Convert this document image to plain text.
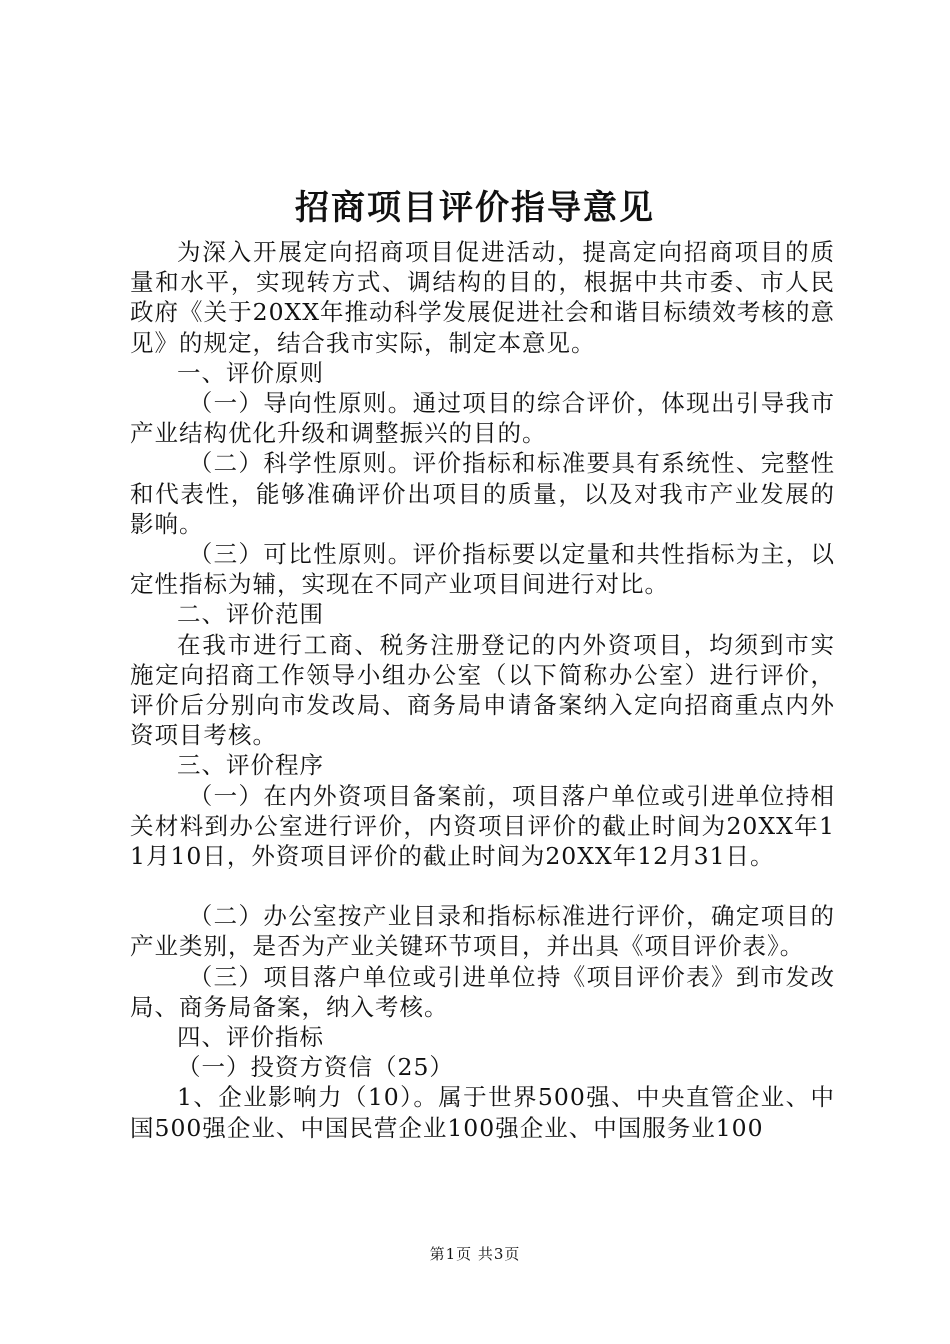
招商项目评价指导意见

为深入开展定向招商项目促进活动，提高定向招商项目的质量和水平，实现转方式、调结构的目的，根据中共市委、市人民政府《关于20XX年推动科学发展促进社会和谐目标绩效考核的意见》的规定，结合我市实际，制定本意见。

一、评价原则

（一）导向性原则。通过项目的综合评价，体现出引导我市产业结构优化升级和调整振兴的目的。

（二）科学性原则。评价指标和标准要具有系统性、完整性和代表性，能够准确评价出项目的质量，以及对我市产业发展的影响。

（三）可比性原则。评价指标要以定量和共性指标为主，以定性指标为辅，实现在不同产业项目间进行对比。

二、评价范围

在我市进行工商、税务注册登记的内外资项目，均须到市实施定向招商工作领导小组办公室（以下简称办公室）进行评价，评价后分别向市发改局、商务局申请备案纳入定向招商重点内外资项目考核。

三、评价程序

（一）在内外资项目备案前，项目落户单位或引进单位持相关材料到办公室进行评价，内资项目评价的截止时间为20XX年11月10日，外资项目评价的截止时间为20XX年12月31日。

（二）办公室按产业目录和指标标准进行评价，确定项目的产业类别，是否为产业关键环节项目，并出具《项目评价表》。

（三）项目落户单位或引进单位持《项目评价表》到市发改局、商务局备案，纳入考核。

四、评价指标

（一）投资方资信（25）

1、企业影响力（10）。属于世界500强、中央直管企业、中国500强企业、中国民营企业100强企业、中国服务业100

第1页 共3页
